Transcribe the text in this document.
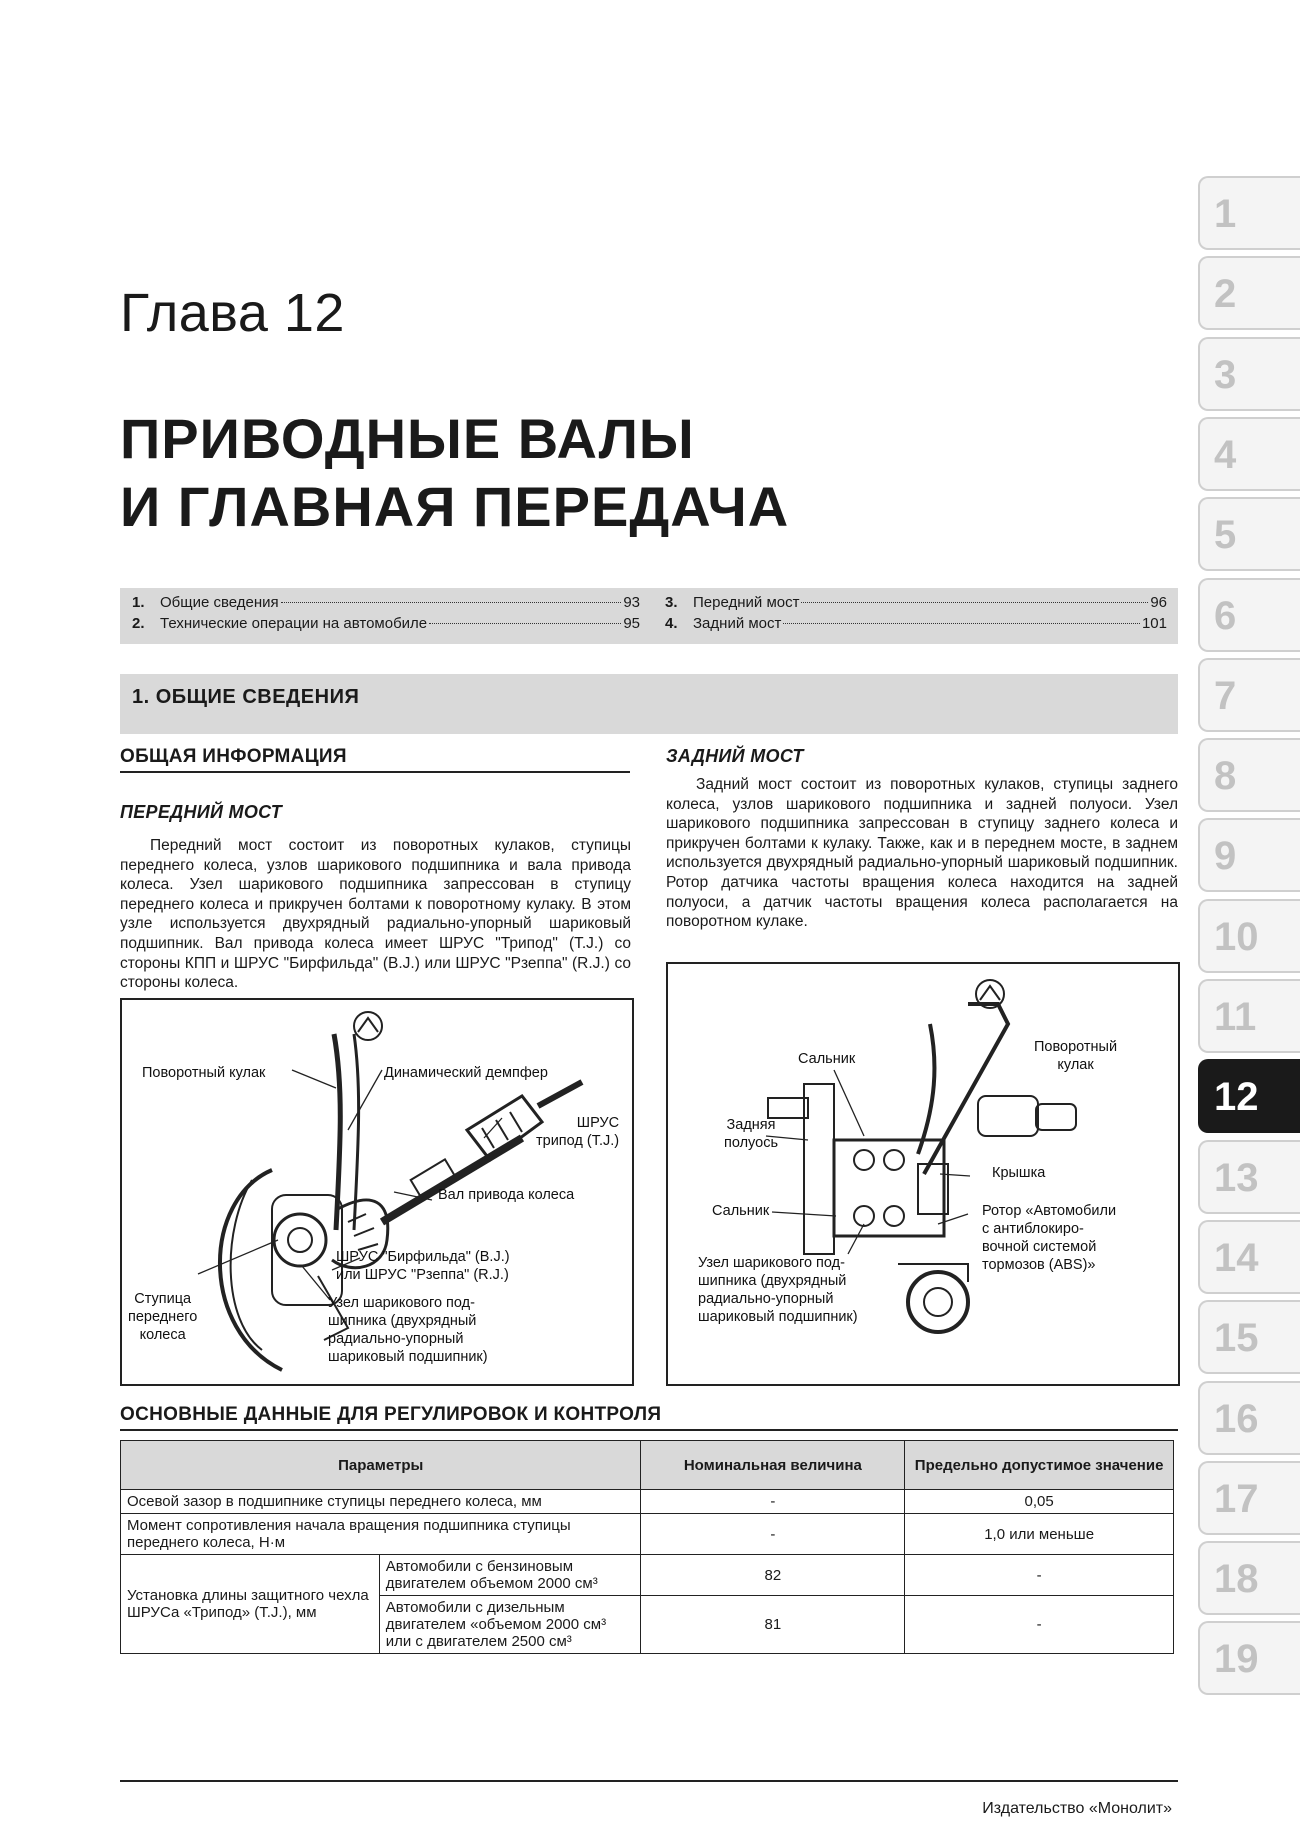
Глава 12
ПРИВОДНЫЕ ВАЛЫ
И ГЛАВНАЯ ПЕРЕДАЧА
1.	Общие сведения	93
2.	Технические операции на автомобиле	95
3.	Передний мост	96
4.	Задний мост	101
1. ОБЩИЕ СВЕДЕНИЯ
ОБЩАЯ ИНФОРМАЦИЯ
ПЕРЕДНИЙ МОСТ
Передний мост состоит из поворотных кулаков, ступицы переднего колеса, узлов шарикового подшипника и вала привода колеса. Узел шарикового подшипника запрессован в ступицу переднего колеса и прикручен болтами к поворотному кулаку. В этом узле используется двухрядный радиально-упорный шариковый подшипник. Вал привода колеса имеет ШРУС "Трипод" (T.J.) со стороны КПП и ШРУС "Бирфильда" (B.J.) или ШРУС "Рзеппа" (R.J.) со стороны колеса.
ЗАДНИЙ МОСТ
Задний мост состоит из поворотных кулаков, ступицы заднего колеса, узлов шарикового подшипника и задней полуоси. Узел шарикового подшипника запрессован в ступицу заднего колеса и прикручен болтами к кулаку. Также, как и в переднем мосте, в заднем используется двухрядный радиально-упорный шариковый подшипник. Ротор датчика частоты вращения колеса находится на задней полуоси, а датчик частоты вращения колеса располагается на поворотном кулаке.
Поворотный кулак	Динамический демпфер
ШРУС
трипод (T.J.)
Вал привода колеса
ШРУС "Бирфильда" (B.J.)
или ШРУС "Рзеппа" (R.J.)
Ступица
переднего
колеса
Узел шарикового под-
шипника (двухрядный
радиально-упорный
шариковый подшипник)
Сальник
Поворотный
кулак
Задняя
полуось
Крышка
Сальник	Ротор «Автомобили
с антиблокиро-
вочной системой
тормозов (ABS)»
Узел шарикового под-
шипника (двухрядный
радиально-упорный
шариковый подшипник)
ОСНОВНЫЕ ДАННЫЕ ДЛЯ РЕГУЛИРОВОК И КОНТРОЛЯ
Параметры		Номинальная величина	Предельно допустимое значение
Осевой зазор в подшипнике ступицы переднего колеса, мм		-	0,05
Момент сопротивления начала вращения подшипника ступицы переднего колеса, Н·м		-	1,0 или меньше
Установка длины защитного чехла ШРУСа «Трипод» (T.J.), мм	Автомобили с бензиновым двигателем объемом 2000 см³	82	-
	Автомобили с дизельным двигателем «объемом 2000 см³ или с двигателем 2500 см³	81	-
Издательство «Монолит»
1
2
3
4
5
6
7
8
9
10
11
12
13
14
15
16
17
18
19
